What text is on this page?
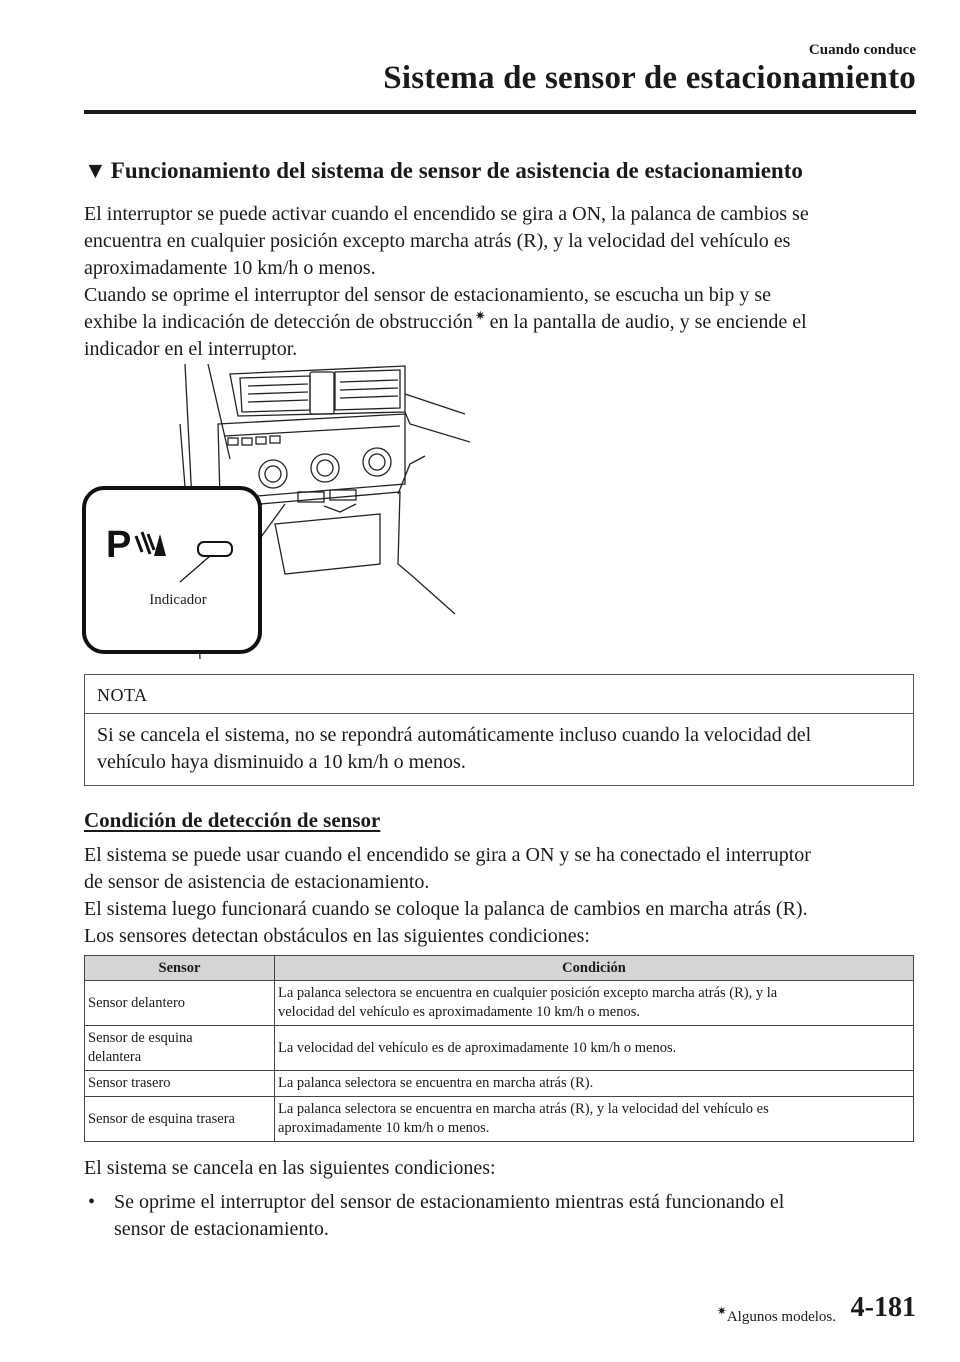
Cuando conduce
Sistema de sensor de estacionamiento
▼ Funcionamiento del sistema de sensor de asistencia de estacionamiento
El interruptor se puede activar cuando el encendido se gira a ON, la palanca de cambios se
encuentra en cualquier posición excepto marcha atrás (R), y la velocidad del vehículo es
aproximadamente 10 km/h o menos.
Cuando se oprime el interruptor del sensor de estacionamiento, se escucha un bip y se
exhibe la indicación de detección de obstrucción ✷ en la pantalla de audio, y se enciende el
indicador en el interruptor.
P
Indicador
NOTA
Si se cancela el sistema, no se repondrá automáticamente incluso cuando la velocidad del
vehículo haya disminuido a 10 km/h o menos.
Condición de detección de sensor
El sistema se puede usar cuando el encendido se gira a ON y se ha conectado el interruptor
de sensor de asistencia de estacionamiento.
El sistema luego funcionará cuando se coloque la palanca de cambios en marcha atrás (R).
Los sensores detectan obstáculos en las siguientes condiciones:
Sensor	Condición
Sensor delantero	La palanca selectora se encuentra en cualquier posición excepto marcha atrás (R), y la
velocidad del vehículo es aproximadamente 10 km/h o menos.

Sensor de esquina
delantera	La velocidad del vehículo es de aproximadamente 10 km/h o menos.
Sensor trasero	La palanca selectora se encuentra en marcha atrás (R).
Sensor de esquina trasera	La palanca selectora se encuentra en marcha atrás (R), y la velocidad del vehículo es
aproximadamente 10 km/h o menos.
El sistema se cancela en las siguientes condiciones:
• Se oprime el interruptor del sensor de estacionamiento mientras está funcionando el
sensor de estacionamiento.
✷Algunos modelos. 4-181
